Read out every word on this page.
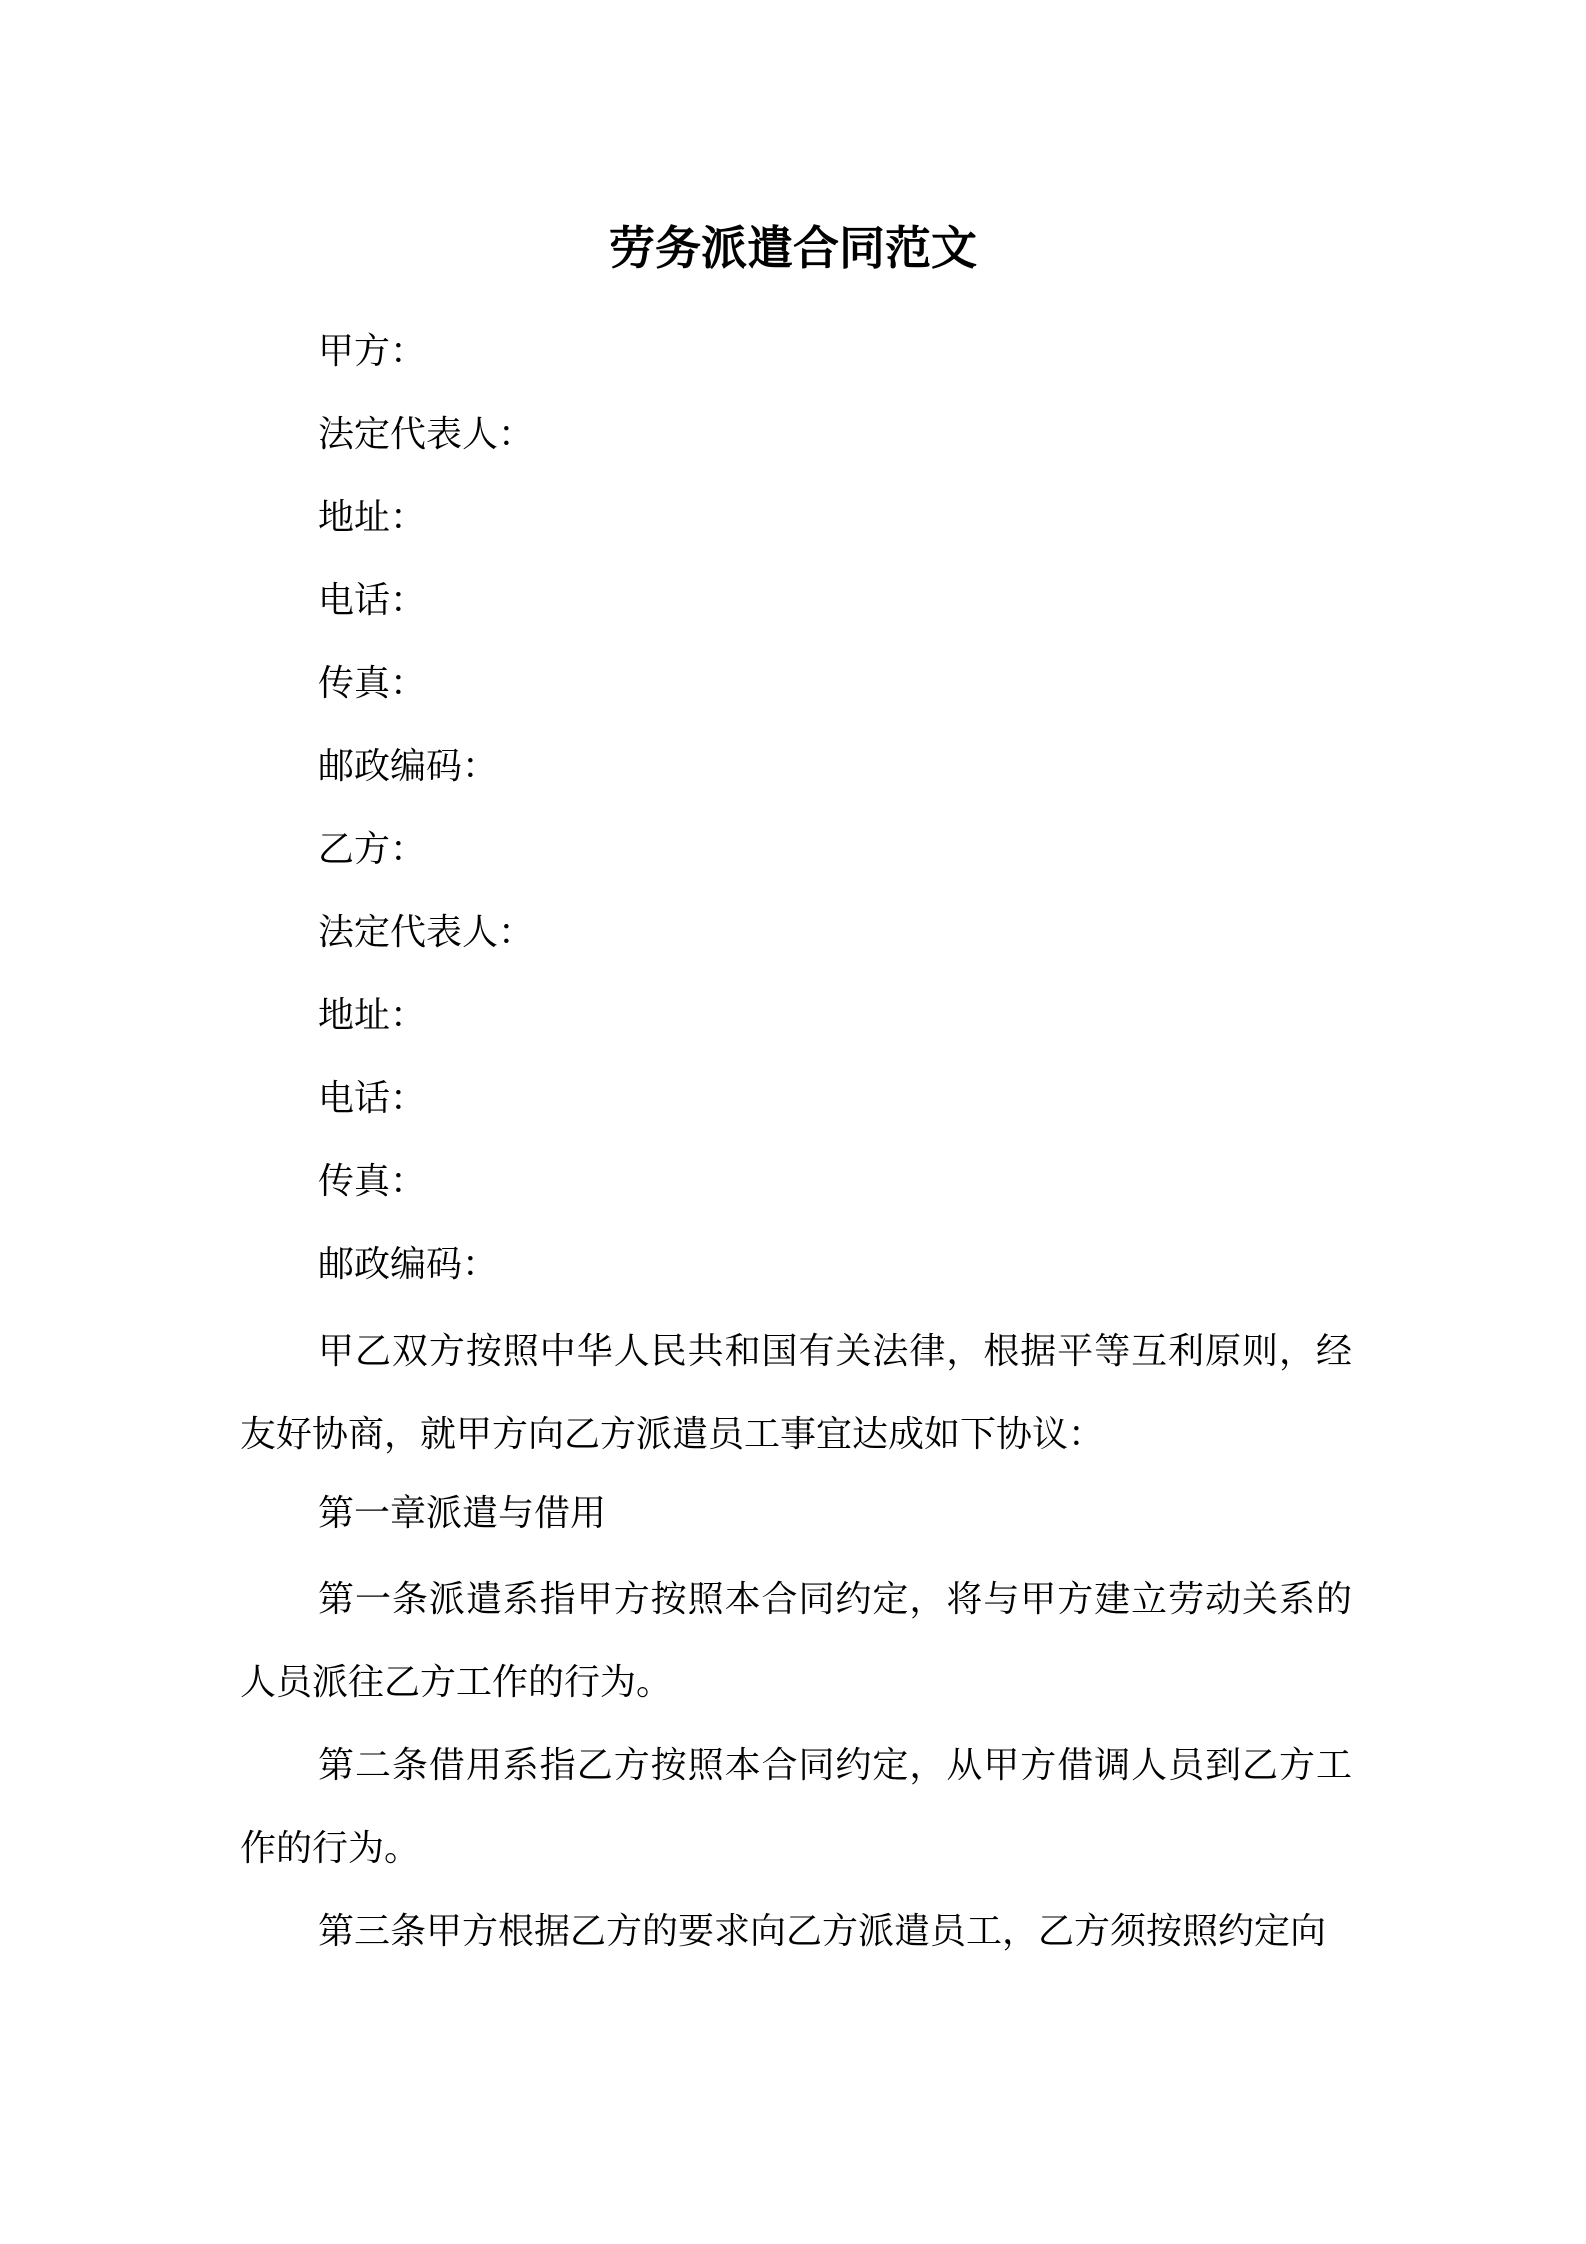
劳务派遣合同范文
甲方：
法定代表人：
地址：
电话：
传真：
邮政编码：
乙方：
法定代表人：
地址：
电话：
传真：
邮政编码：

甲乙双方按照中华人民共和国有关法律，根据平等互利原则，经友好协商，就甲方向乙方派遣员工事宜达成如下协议：

第一章派遣与借用

第一条派遣系指甲方按照本合同约定，将与甲方建立劳动关系的人员派往乙方工作的行为。

第二条借用系指乙方按照本合同约定，从甲方借调人员到乙方工作的行为。

第三条甲方根据乙方的要求向乙方派遣员工，乙方须按照约定向
